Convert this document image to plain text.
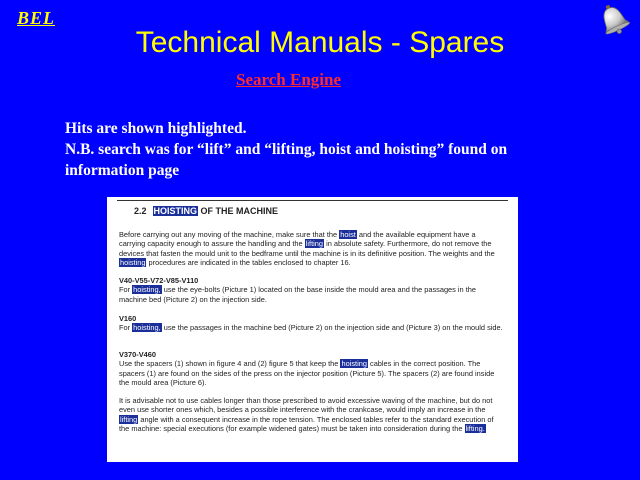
BEL
Technical Manuals - Spares
Search Engine
Hits are shown highlighted.
N.B. search was for “lift” and “lifting, hoist and hoisting” found on
information page
2.2 HOISTING OF THE MACHINE
Before carrying out any moving of the machine, make sure that the hoist and the available equipment have a carrying capacity enough to assure the handling and the lifting in absolute safety. Furthermore, do not remove the devices that fasten the mould unit to the bedframe until the machine is in its definitive position. The weights and the hoisting procedures are indicated in the tables enclosed to chapter 16.
V40-V55-V72-V85-V110
For hoisting, use the eye-bolts (Picture 1) located on the base inside the mould area and the passages in the machine bed (Picture 2) on the injection side.
V160
For hoisting, use the passages in the machine bed (Picture 2) on the injection side and (Picture 3) on the mould side.
V370-V460
Use the spacers (1) shown in figure 4 and (2) figure 5 that keep the hoisting cables in the correct position. The spacers (1) are found on the sides of the press on the injector position (Picture 5). The spacers (2) are found inside the mould area (Picture 6).
It is advisable not to use cables longer than those prescribed to avoid excessive waving of the machine, but do not even use shorter ones which, besides a possible interference with the crankcase, would imply an increase in the lifting angle with a consequent increase in the rope tension. The enclosed tables refer to the standard execution of the machine: special executions (for example widened gates) must be taken into consideration during the lifting.
